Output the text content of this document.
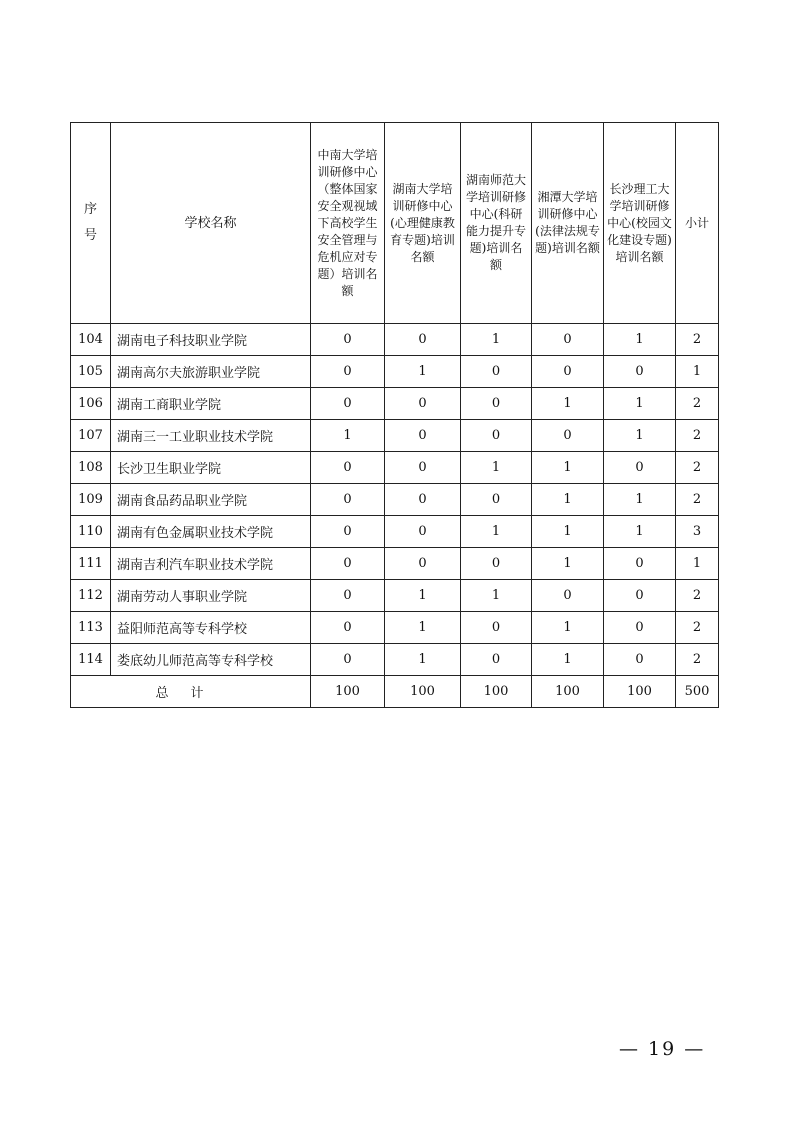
序号	学校名称	中南大学培训研修中心（整体国家安全观视域下高校学生安全管理与危机应对专题）培训名额	湖南大学培训研修中心(心理健康教育专题)培训名额	湖南师范大学培训研修中心(科研能力提升专题)培训名额	湘潭大学培训研修中心(法律法规专题)培训名额	长沙理工大学培训研修中心(校园文化建设专题)培训名额	小计

104	湖南电子科技职业学院	0	0	1	0	1	2
105	湖南高尔夫旅游职业学院	0	1	0	0	0	1
106	湖南工商职业学院	0	0	0	1	1	2
107	湖南三一工业职业技术学院	1	0	0	0	1	2
108	长沙卫生职业学院	0	0	1	1	0	2
109	湖南食品药品职业学院	0	0	0	1	1	2
110	湖南有色金属职业技术学院	0	0	1	1	1	3
111	湖南吉利汽车职业技术学院	0	0	0	1	0	1
112	湖南劳动人事职业学院	0	1	1	0	0	2
113	益阳师范高等专科学校	0	1	0	1	0	2
114	娄底幼儿师范高等专科学校	0	1	0	1	0	2
总计		100	100	100	100	100	500
— 19 —
